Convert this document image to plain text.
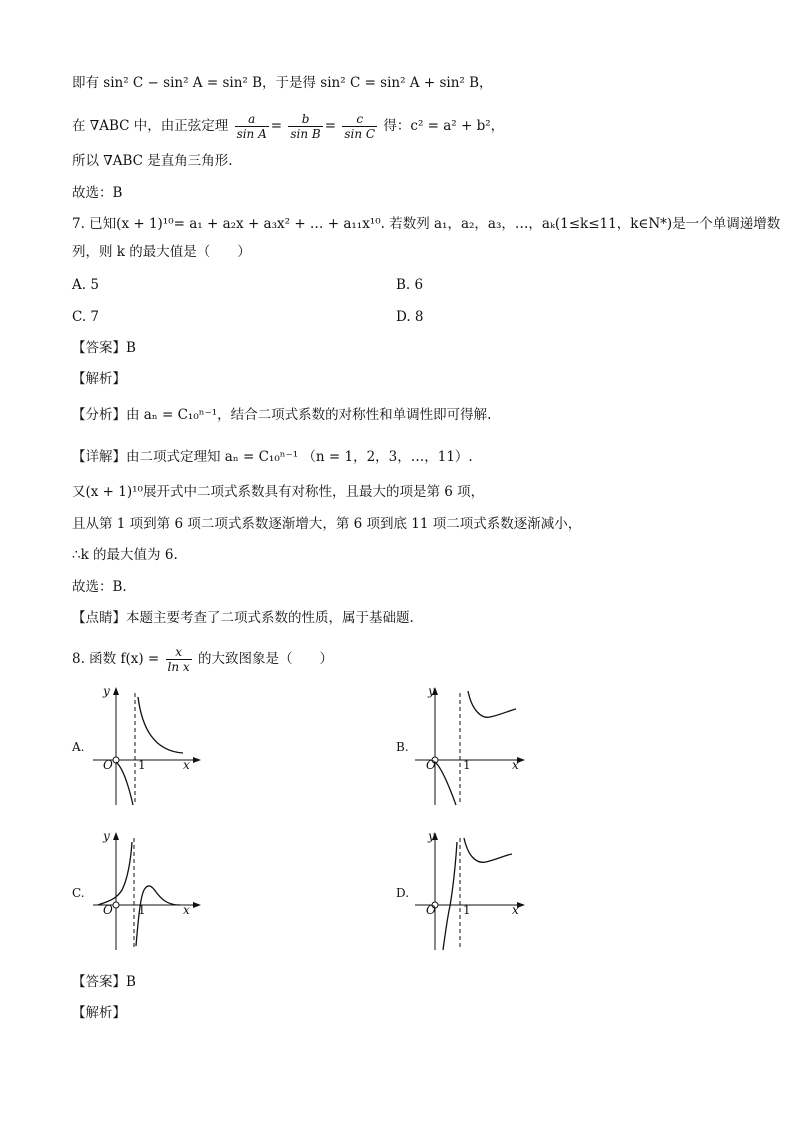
即有 sin² C − sin² A = sin² B，于是得 sin² C = sin² A + sin² B，
在 ∇ABC 中，由正弦定理 $\frac{a}{\text{sin A}} = \frac{b}{\text{sin B}} = \frac{c}{\text{sin C}}$ 得：c² = a² + b²，
所以 ∇ABC 是直角三角形.
故选：B
7. 已知(x + 1)¹⁰= a₁ + a₂x + a₃x² + … + a₁₁x¹⁰. 若数列 a₁，a₂，a₃，…，aₖ(1≤k≤11，k∈N*)是一个单调递增数
列，则 k 的最大值是（　　）
A. 5	B. 6
C. 7	D. 8
【答案】B
【解析】
【分析】由 aₙ = C₁₀ⁿ⁻¹，结合二项式系数的对称性和单调性即可得解.
【详解】由二项式定理知 aₙ = C₁₀ⁿ⁻¹ （n = 1，2，3，…，11）.
又(x + 1)¹⁰展开式中二项式系数具有对称性，且最大的项是第 6 项，
且从第 1 项到第 6 项二项式系数逐渐增大，第 6 项到底 11 项二项式系数逐渐减小，
∴k 的最大值为 6.
故选：B.
【点睛】本题主要考查了二项式系数的性质，属于基础题.
8. 函数 $f(x) = \frac{x}{\text{ln x}}$ 的大致图象是（　　）
A.
y
O 1	x
B.
y
O 1	x
C.
y
O 1	x
D.
y
O 1	x
【答案】B
【解析】
